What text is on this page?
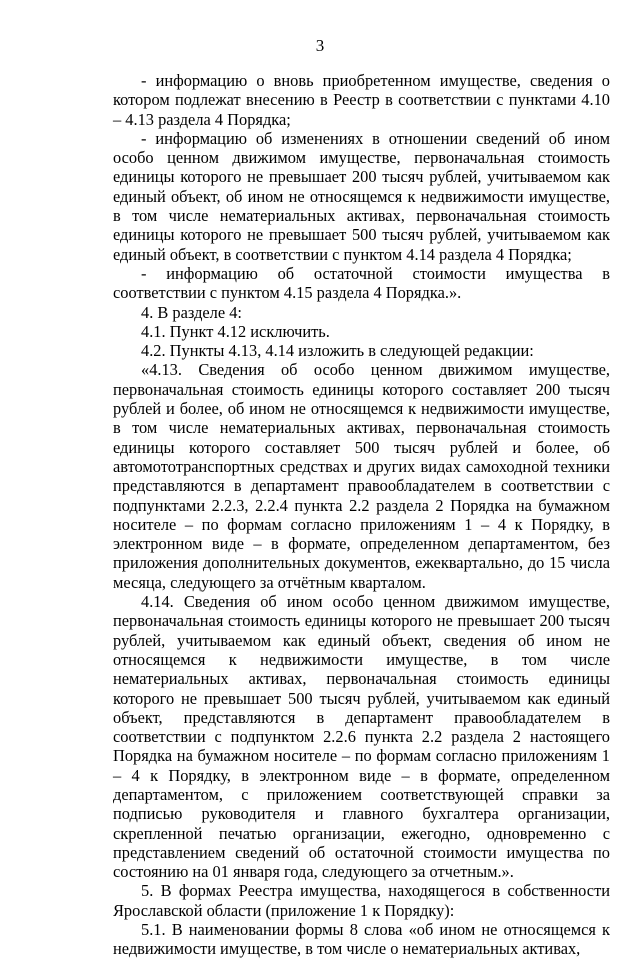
3

- информацию о вновь приобретенном имуществе, сведения о котором подлежат внесению в Реестр в соответствии с пунктами 4.10 – 4.13 раздела 4 Порядка;

- информацию об изменениях в отношении сведений об ином особо ценном движимом имуществе, первоначальная стоимость единицы которого не превышает 200 тысяч рублей, учитываемом как единый объект, об ином не относящемся к недвижимости имуществе, в том числе нематериальных активах, первоначальная стоимость единицы которого не превышает 500 тысяч рублей, учитываемом как единый объект, в соответствии с пунктом 4.14 раздела 4 Порядка;

- информацию об остаточной стоимости имущества в соответствии с пунктом 4.15 раздела 4 Порядка.».

4. В разделе 4:

4.1. Пункт 4.12 исключить.

4.2. Пункты 4.13, 4.14 изложить в следующей редакции:

«4.13. Сведения об особо ценном движимом имуществе, первоначальная стоимость единицы которого составляет 200 тысяч рублей и более, об ином не относящемся к недвижимости имуществе, в том числе нематериальных активах, первоначальная стоимость единицы которого составляет 500 тысяч рублей и более, об автомототранспортных средствах и других видах самоходной техники представляются в департамент правообладателем в соответствии с подпунктами 2.2.3, 2.2.4 пункта 2.2 раздела 2 Порядка на бумажном носителе – по формам согласно приложениям 1 – 4 к Порядку, в электронном виде – в формате, определенном департаментом, без приложения дополнительных документов, ежеквартально, до 15 числа месяца, следующего за отчётным кварталом.

4.14. Сведения об ином особо ценном движимом имуществе, первоначальная стоимость единицы которого не превышает 200 тысяч рублей, учитываемом как единый объект, сведения об ином не относящемся к недвижимости имуществе, в том числе нематериальных активах, первоначальная стоимость единицы которого не превышает 500 тысяч рублей, учитываемом как единый объект, представляются в департамент правообладателем в соответствии с подпунктом 2.2.6 пункта 2.2 раздела 2 настоящего Порядка на бумажном носителе – по формам согласно приложениям 1 – 4 к Порядку, в электронном виде – в формате, определенном департаментом, с приложением соответствующей справки за подписью руководителя и главного бухгалтера организации, скрепленной печатью организации, ежегодно, одновременно с представлением сведений об остаточной стоимости имущества по состоянию на 01 января года, следующего за отчетным.».

5. В формах Реестра имущества, находящегося в собственности Ярославской области (приложение 1 к Порядку):

5.1. В наименовании формы 8 слова «об ином не относящемся к недвижимости имуществе, в том числе о нематериальных активах,
